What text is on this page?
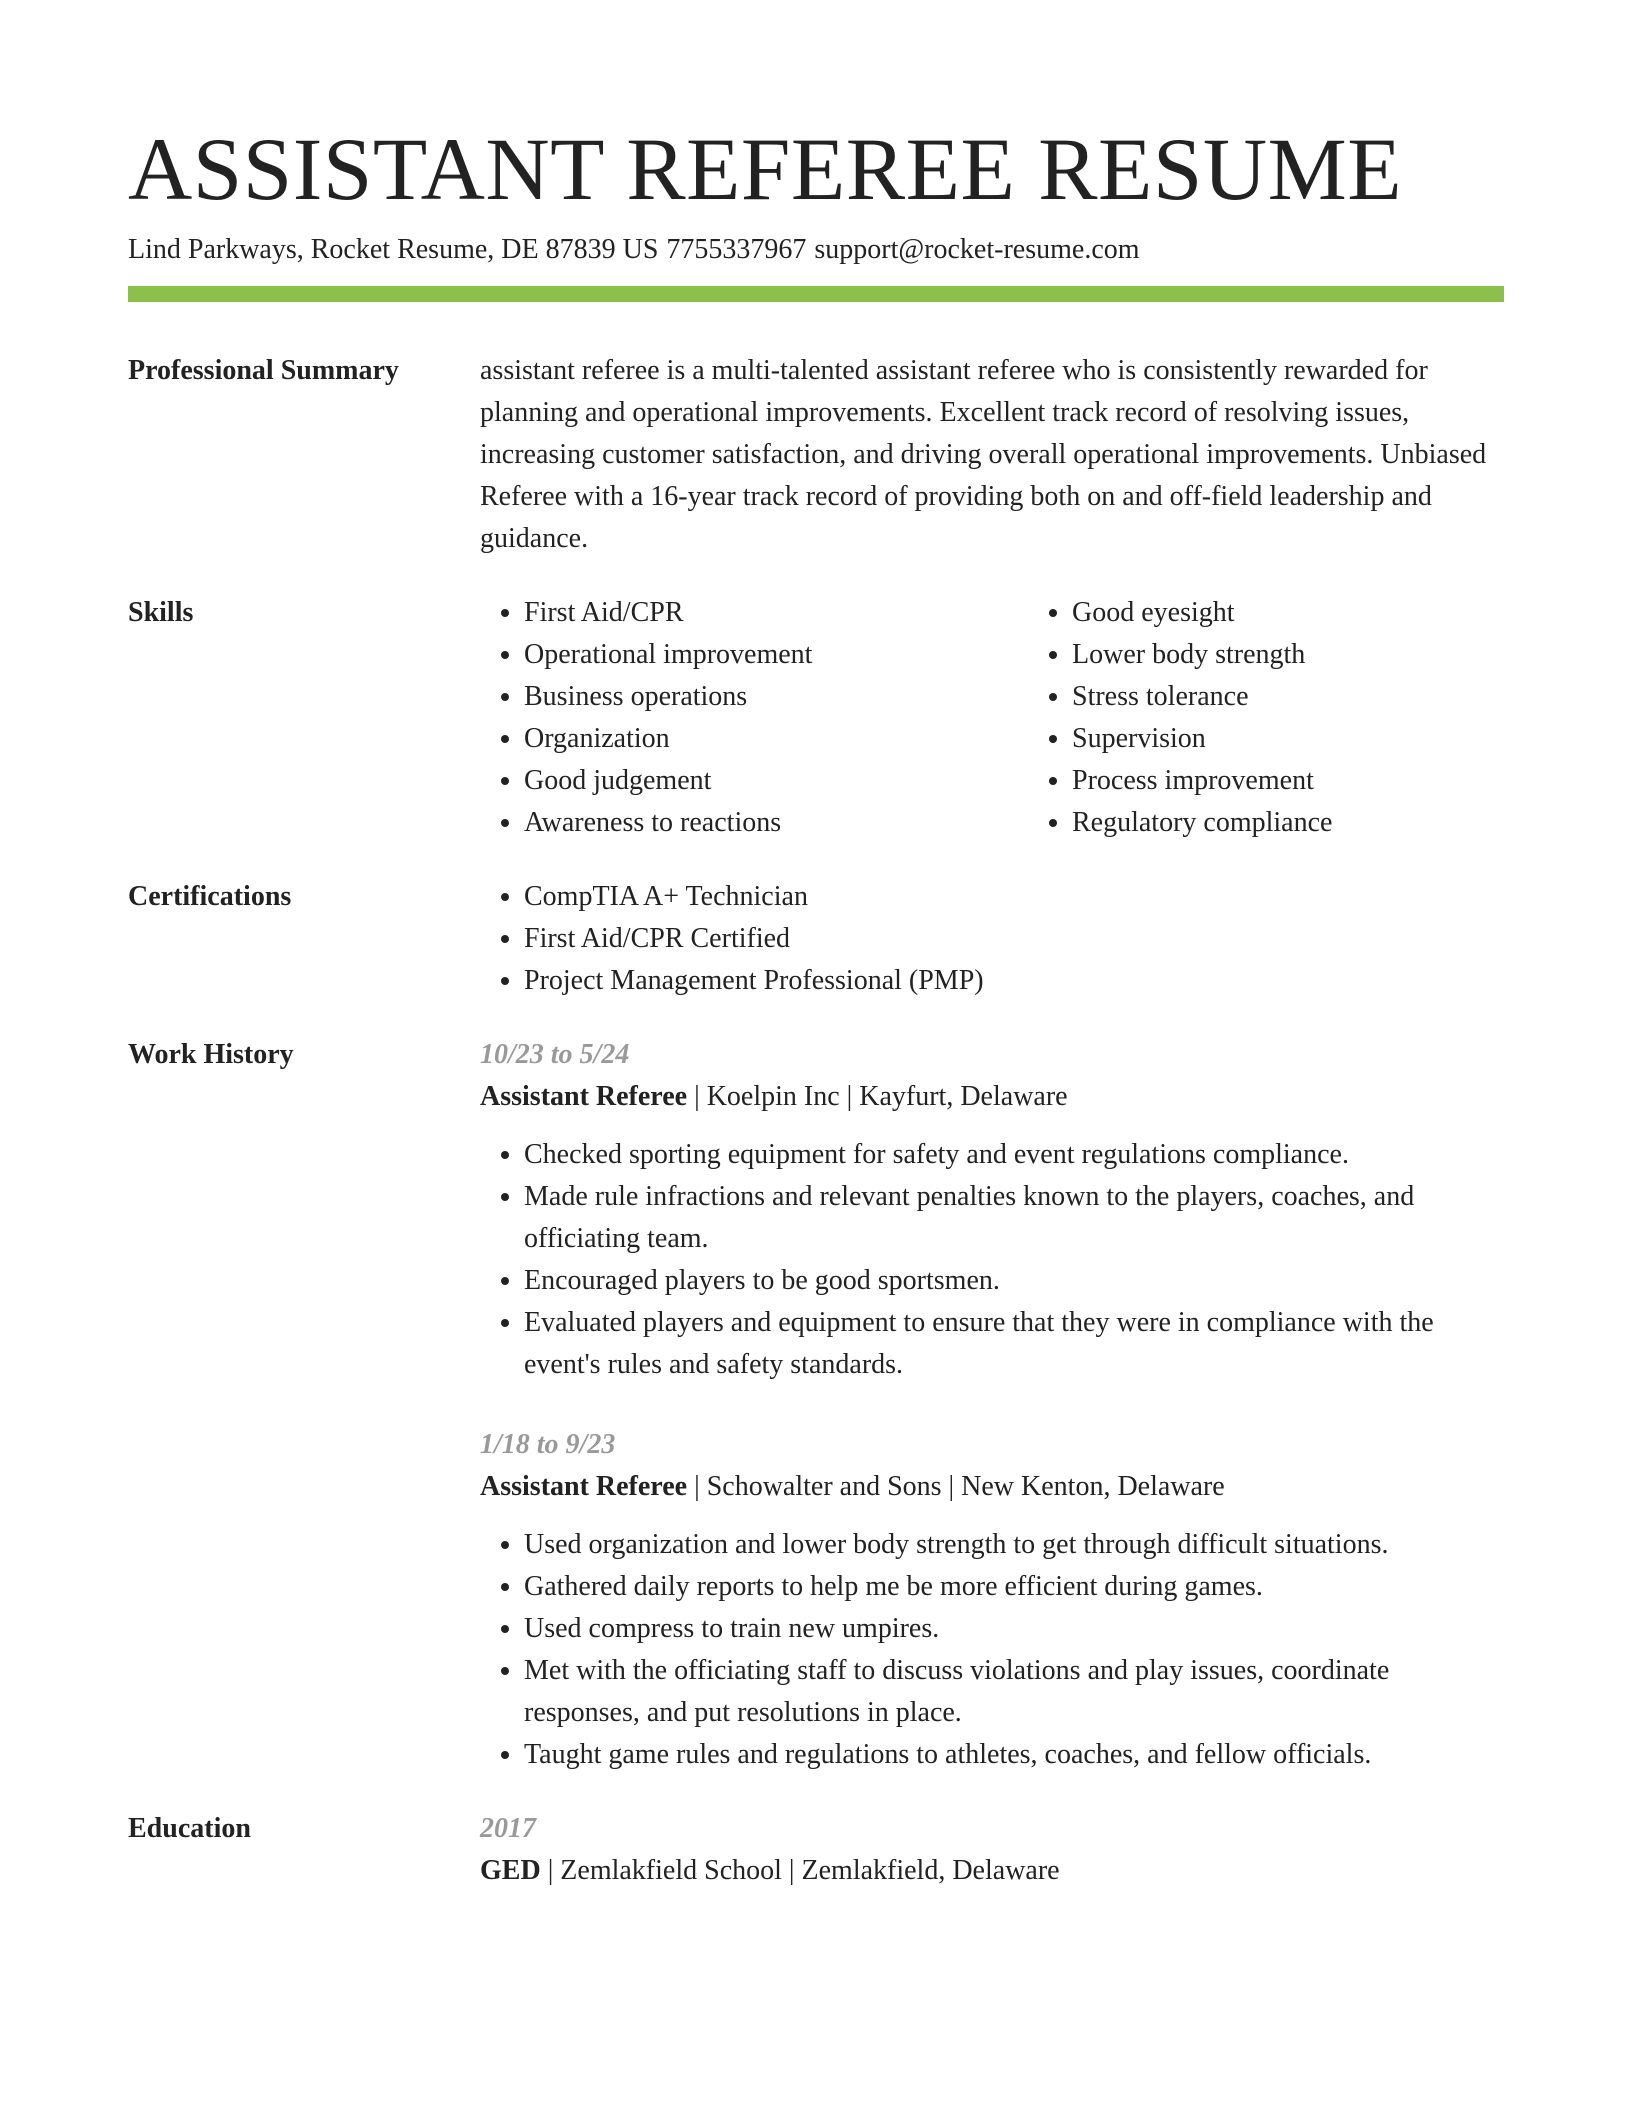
ASSISTANT REFEREE RESUME
Lind Parkways, Rocket Resume, DE 87839 US 7755337967 support@rocket-resume.com
Professional Summary	assistant referee is a multi-talented assistant referee who is consistently rewarded for planning and operational improvements. Excellent track record of resolving issues, increasing customer satisfaction, and driving overall operational improvements. Unbiased Referee with a 16-year track record of providing both on and off-field leadership and guidance.

Skills	• First Aid/CPR
• Operational improvement
• Business operations
• Organization
• Good judgement
• Awareness to reactions
• Good eyesight
• Lower body strength
• Stress tolerance
• Supervision
• Process improvement
• Regulatory compliance
Certifications	• CompTIA A+ Technician
• First Aid/CPR Certified
• Project Management Professional (PMP)
Work History	10/23 to 5/24
Assistant Referee | Koelpin Inc | Kayfurt, Delaware
• Checked sporting equipment for safety and event regulations compliance.
• Made rule infractions and relevant penalties known to the players, coaches, and officiating team.
• Encouraged players to be good sportsmen.
• Evaluated players and equipment to ensure that they were in compliance with the event's rules and safety standards.
1/18 to 9/23
Assistant Referee | Schowalter and Sons | New Kenton, Delaware
• Used organization and lower body strength to get through difficult situations.
• Gathered daily reports to help me be more efficient during games.
• Used compress to train new umpires.
• Met with the officiating staff to discuss violations and play issues, coordinate responses, and put resolutions in place.
• Taught game rules and regulations to athletes, coaches, and fellow officials.
Education	2017
GED | Zemlakfield School | Zemlakfield, Delaware
